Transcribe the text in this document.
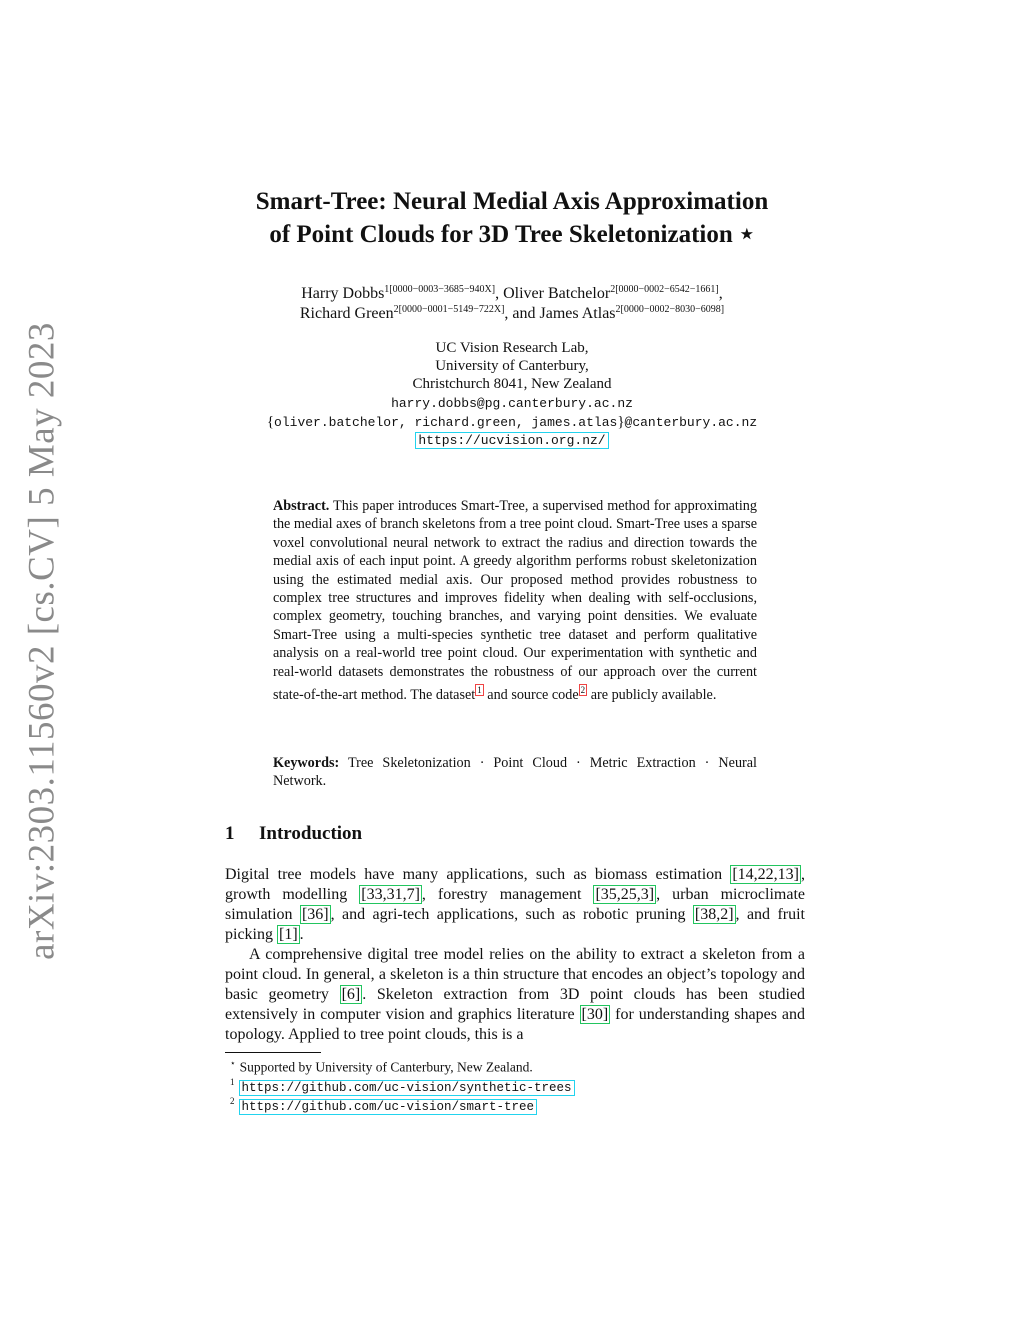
arXiv:2303.11560v2 [cs.CV] 5 May 2023
Smart-Tree: Neural Medial Axis Approximation
of Point Clouds for 3D Tree Skeletonization ⋆
Harry Dobbs$^{1[0000-0003-3685-940X]}$, Oliver Batchelor$^{2[0000-0002-6542-1661]}$,
Richard Green$^{2[0000-0001-5149-722X]}$, and James Atlas$^{2[0000-0002-8030-6098]}$
UC Vision Research Lab,
University of Canterbury,
Christchurch 8041, New Zealand
harry.dobbs@pg.canterbury.ac.nz
{oliver.batchelor, richard.green, james.atlas}@canterbury.ac.nz
https://ucvision.org.nz/
Abstract. This paper introduces Smart-Tree, a supervised method for approximating the medial axes of branch skeletons from a tree point cloud. Smart-Tree uses a sparse voxel convolutional neural network to extract the radius and direction towards the medial axis of each input point. A greedy algorithm performs robust skeletonization using the estimated medial axis. Our proposed method provides robustness to complex tree structures and improves fidelity when dealing with self-occlusions, complex geometry, touching branches, and varying point densities. We evaluate Smart-Tree using a multi-species synthetic tree dataset and perform qualitative analysis on a real-world tree point cloud. Our experimentation with synthetic and real-world datasets demonstrates the robustness of our approach over the current state-of-the-art method. The dataset $^1$ and source code $^2$ are publicly available.
Keywords: Tree Skeletonization · Point Cloud · Metric Extraction · Neural Network.
1 Introduction
Digital tree models have many applications, such as biomass estimation [14,22,13] , growth modelling [33,31,7] , forestry management [35,25,3] , urban microclimate simulation [36] , and agri-tech applications, such as robotic pruning [38,2] , and fruit picking [1] .
A comprehensive digital tree model relies on the ability to extract a skeleton from a point cloud. In general, a skeleton is a thin structure that encodes an object’s topology and basic geometry [6] . Skeleton extraction from 3D point clouds has been studied extensively in computer vision and graphics literature [30] for understanding shapes and topology. Applied to tree point clouds, this is a
⋆ Supported by University of Canterbury, New Zealand.
$^1$ https://github.com/uc-vision/synthetic-trees
$^2$ https://github.com/uc-vision/smart-tree
